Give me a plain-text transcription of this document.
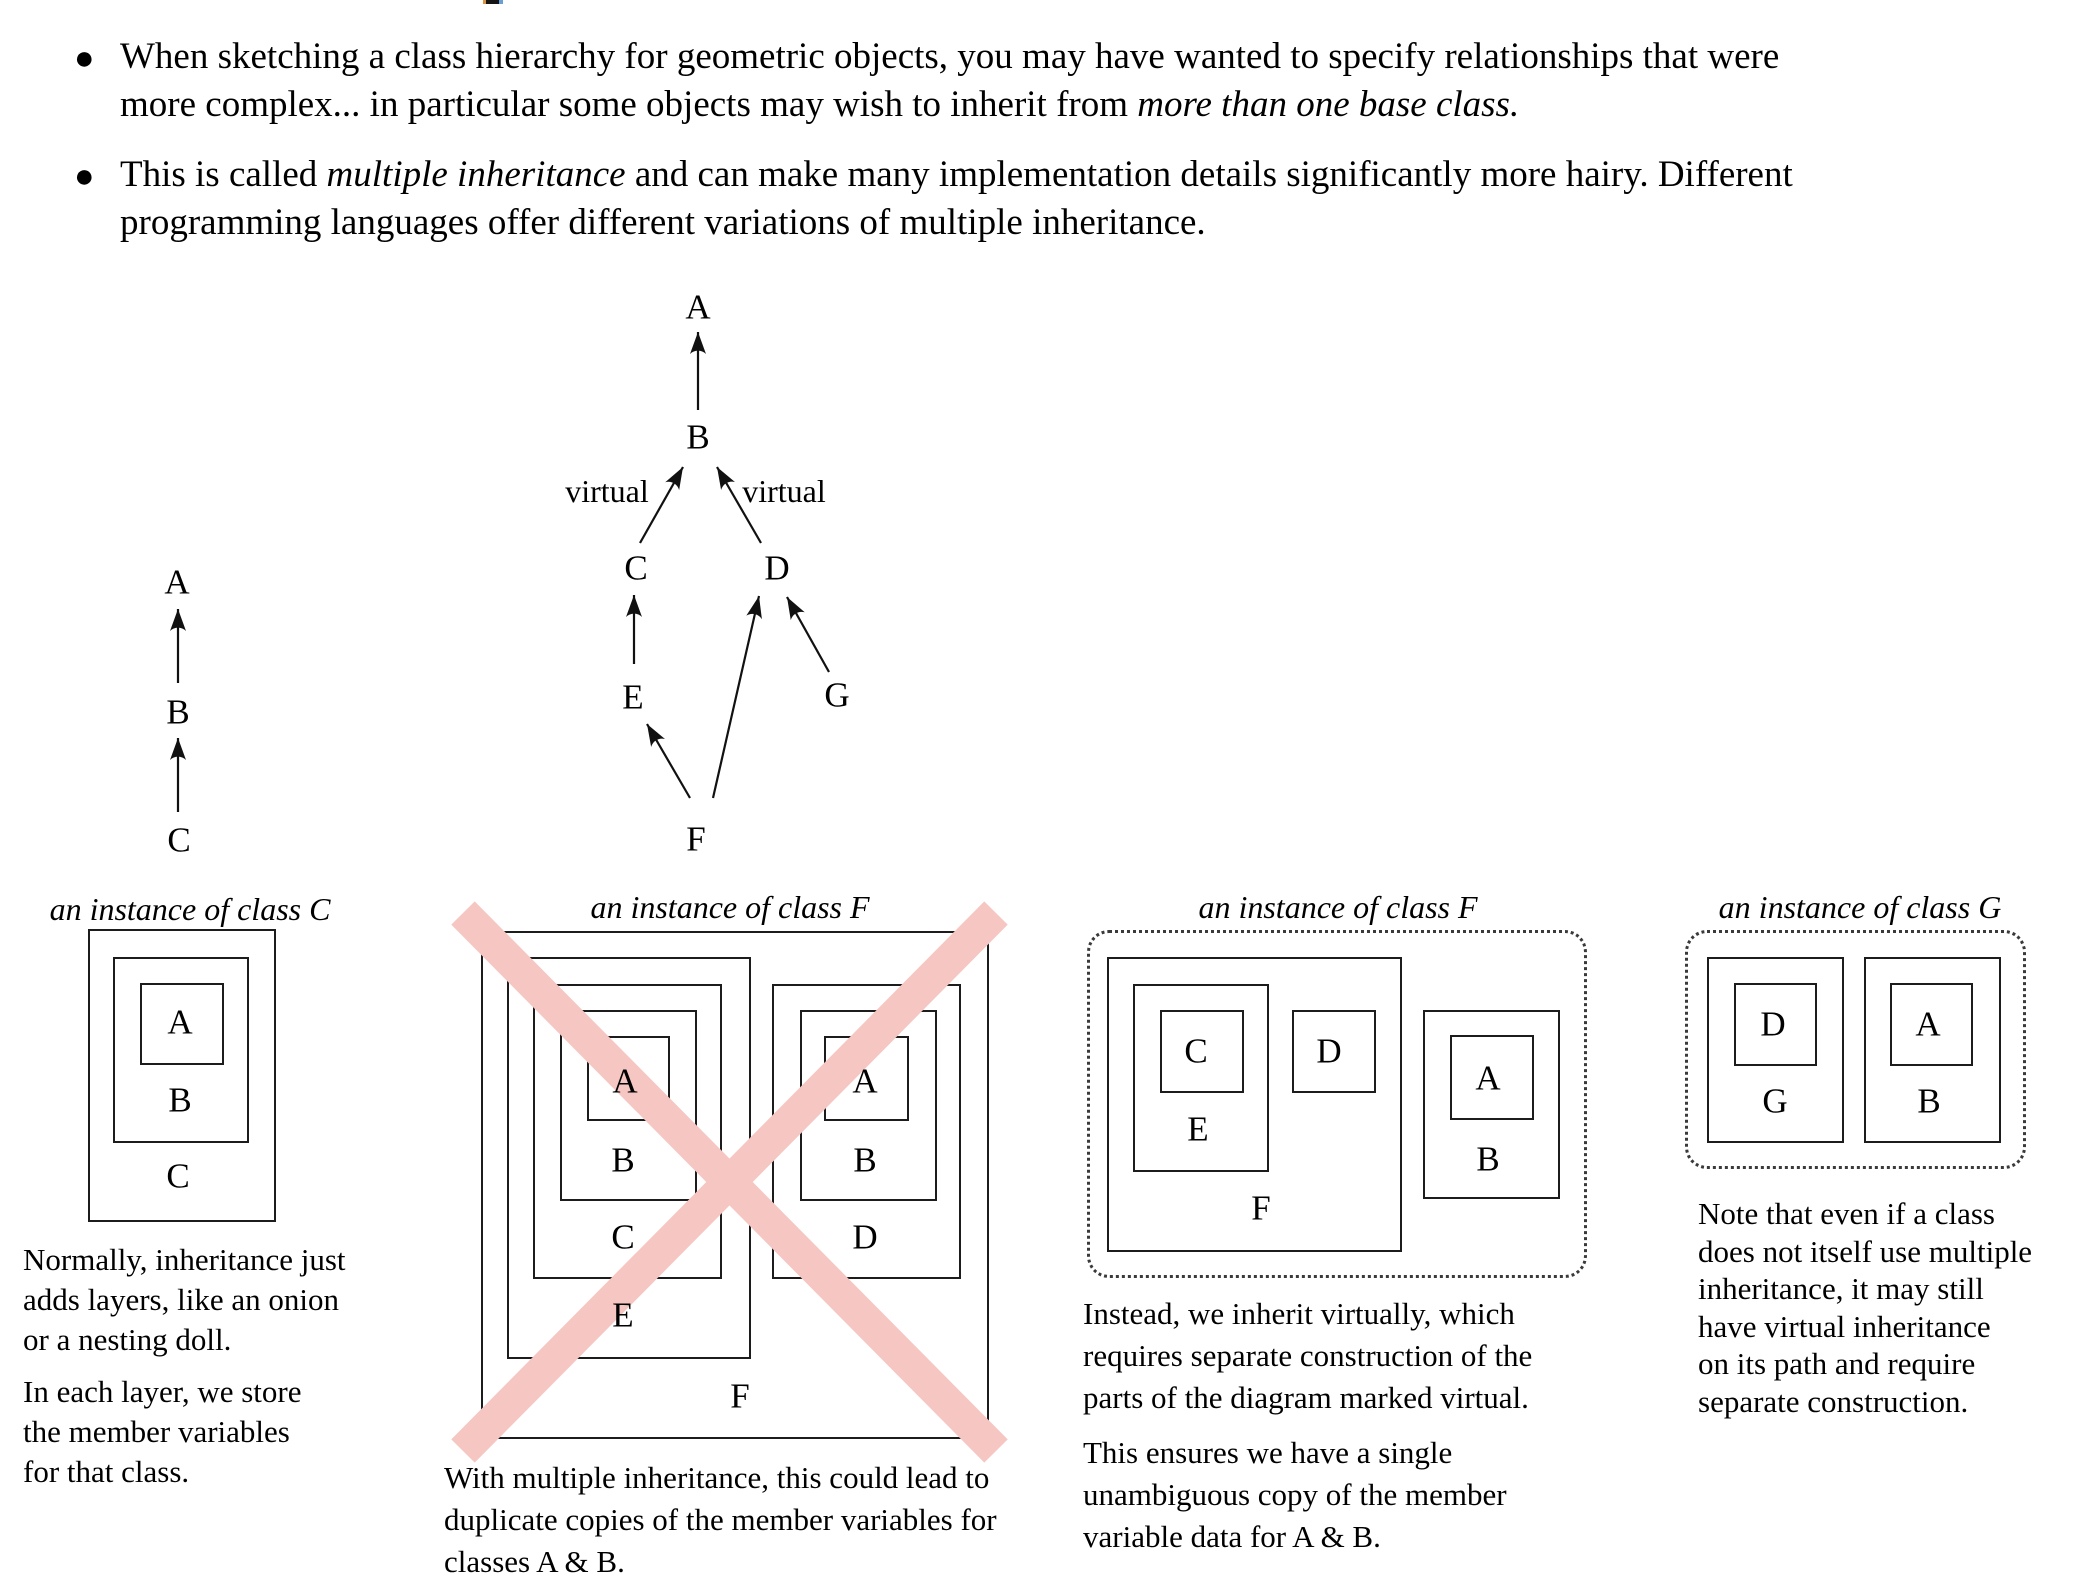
● When sketching a class hierarchy for geometric objects, you may have wanted to specify relationships that were
more complex... in particular some objects may wish to inherit from more than one base class.
● This is called multiple inheritance and can make many implementation details significantly more hairy. Different
programming languages offer different variations of multiple inheritance.
A
B
C
A
B
virtual	virtual
C	D
E	G
F
an instance of class C
A
B
C
an instance of class F
A
B
C
E
A
B
D
F
an instance of class F
C	D
E
F
A
B
an instance of class G
D
G
A
B
Normally, inheritance just
adds layers, like an onion
or a nesting doll.
In each layer, we store
the member variables
for that class.	With multiple inheritance, this could lead to
duplicate copies of the member variables for
classes A & B.
Instead, we inherit virtually, which
requires separate construction of the
parts of the diagram marked virtual.
This ensures we have a single
unambiguous copy of the member
variable data for A & B.
Note that even if a class
does not itself use multiple
inheritance, it may still
have virtual inheritance
on its path and require
separate construction.
